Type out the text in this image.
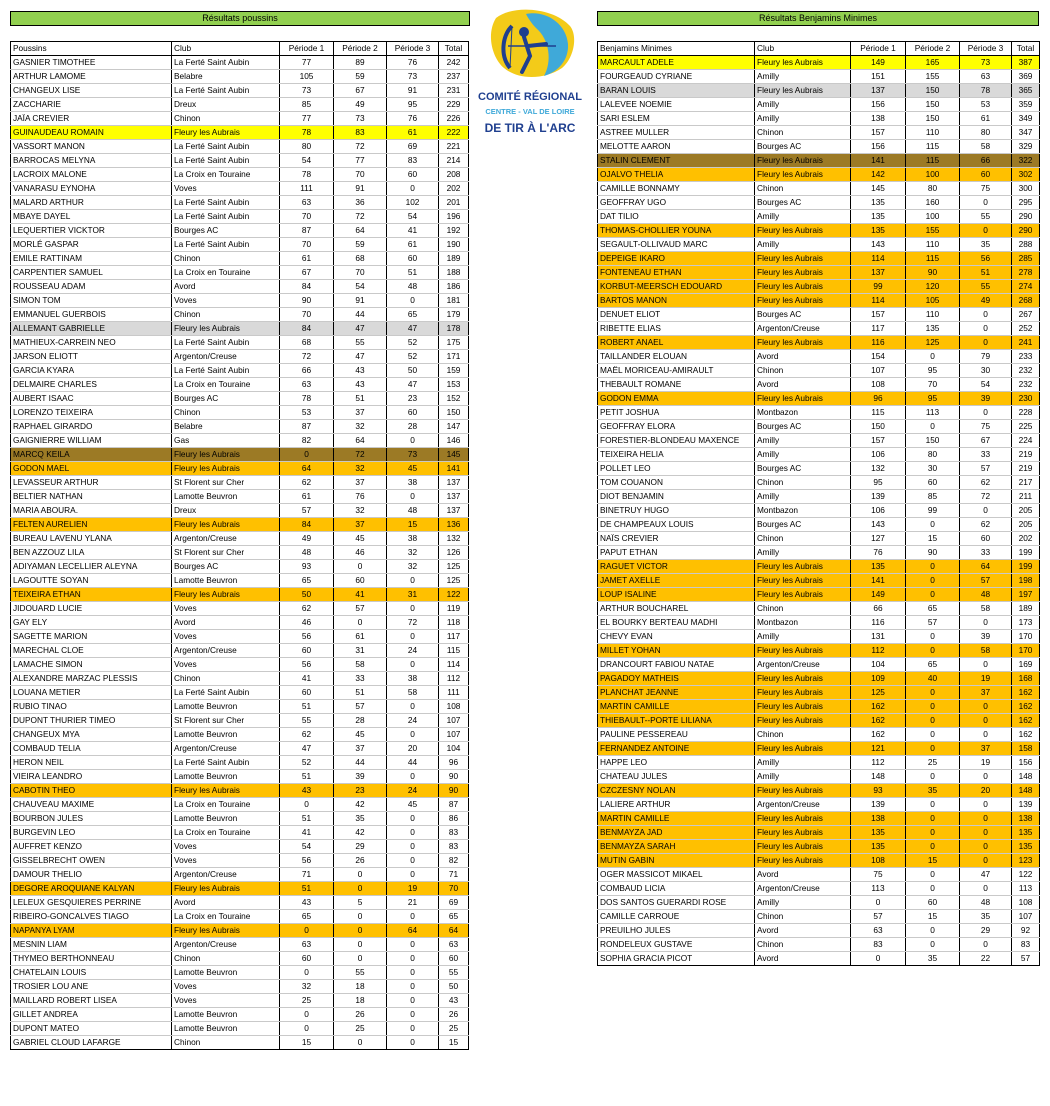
Résultats poussins	Résultats Benjamins Minimes
COMITÉ RÉGIONAL
CENTRE - VAL DE LOIRE
DE TIR À L'ARC
Poussins	Club	Période 1	Période 2	Période 3	Total
GASNIER TIMOTHEE	La Ferté Saint Aubin	77	89	76	242
ARTHUR LAMOME	Belabre	105	59	73	237
CHANGEUX LISE	La Ferté Saint Aubin	73	67	91	231
ZACCHARIE	Dreux	85	49	95	229
JAÏA CREVIER	Chinon	77	73	76	226
GUINAUDEAU ROMAIN	Fleury les Aubrais	78	83	61	222
VASSORT MANON	La Ferté Saint Aubin	80	72	69	221
BARROCAS MELYNA	La Ferté Saint Aubin	54	77	83	214
LACROIX MALONE	La Croix en Touraine	78	70	60	208
VANARASU EYNOHA	Voves	111	91	0	202
MALARD ARTHUR	La Ferté Saint Aubin	63	36	102	201
MBAYE DAYEL	La Ferté Saint Aubin	70	72	54	196
LEQUERTIER VICKTOR	Bourges AC	87	64	41	192
MORLÉ GASPAR	La Ferté Saint Aubin	70	59	61	190
EMILE RATTINAM	Chinon	61	68	60	189
CARPENTIER SAMUEL	La Croix en Touraine	67	70	51	188
ROUSSEAU ADAM	Avord	84	54	48	186
SIMON TOM	Voves	90	91	0	181
EMMANUEL GUERBOIS	Chinon	70	44	65	179
ALLEMANT GABRIELLE	Fleury les Aubrais	84	47	47	178
MATHIEUX-CARREIN NEO	La Ferté Saint Aubin	68	55	52	175
JARSON ELIOTT	Argenton/Creuse	72	47	52	171
GARCIA KYARA	La Ferté Saint Aubin	66	43	50	159
DELMAIRE CHARLES	La Croix en Touraine	63	43	47	153
AUBERT ISAAC	Bourges AC	78	51	23	152
LORENZO TEIXEIRA	Chinon	53	37	60	150
RAPHAEL GIRARDO	Belabre	87	32	28	147
GAIGNIERRE WILLIAM	Gas	82	64	0	146
MARCQ KEILA	Fleury les Aubrais	0	72	73	145
GODON MAEL	Fleury les Aubrais	64	32	45	141
LEVASSEUR ARTHUR	St Florent sur Cher	62	37	38	137
BELTIER NATHAN	Lamotte Beuvron	61	76	0	137
MARIA ABOURA.	Dreux	57	32	48	137
FELTEN AURELIEN	Fleury les Aubrais	84	37	15	136
BUREAU LAVENU YLANA	Argenton/Creuse	49	45	38	132
BEN AZZOUZ LILA	St Florent sur Cher	48	46	32	126
ADIYAMAN LECELLIER ALEYNA	Bourges AC	93	0	32	125
LAGOUTTE SOYAN	Lamotte Beuvron	65	60	0	125
TEIXEIRA ETHAN	Fleury les Aubrais	50	41	31	122
JIDOUARD LUCIE	Voves	62	57	0	119
GAY ELY	Avord	46	0	72	118
SAGETTE MARION	Voves	56	61	0	117
MARECHAL CLOE	Argenton/Creuse	60	31	24	115
LAMACHE SIMON	Voves	56	58	0	114
ALEXANDRE MARZAC PLESSIS	Chinon	41	33	38	112
LOUANA METIER	La Ferté Saint Aubin	60	51	58	111
RUBIO TINAO	Lamotte Beuvron	51	57	0	108
DUPONT THURIER TIMEO	St Florent sur Cher	55	28	24	107
CHANGEUX MYA	Lamotte Beuvron	62	45	0	107
COMBAUD TELIA	Argenton/Creuse	47	37	20	104
HERON NEIL	La Ferté Saint Aubin	52	44	44	96
VIEIRA LEANDRO	Lamotte Beuvron	51	39	0	90
CABOTIN THEO	Fleury les Aubrais	43	23	24	90
CHAUVEAU MAXIME	La Croix en Touraine	0	42	45	87
BOURBON JULES	Lamotte Beuvron	51	35	0	86
BURGEVIN LEO	La Croix en Touraine	41	42	0	83
AUFFRET KENZO	Voves	54	29	0	83
GISSELBRECHT OWEN	Voves	56	26	0	82
DAMOUR THELIO	Argenton/Creuse	71	0	0	71
DEGORE AROQUIANE KALYAN	Fleury les Aubrais	51	0	19	70
LELEUX GESQUIERES PERRINE	Avord	43	5	21	69
RIBEIRO-GONCALVES TIAGO	La Croix en Touraine	65	0	0	65
NAPANYA LYAM	Fleury les Aubrais	0	0	64	64
MESNIN LIAM	Argenton/Creuse	63	0	0	63
THYMEO BERTHONNEAU	Chinon	60	0	0	60
CHATELAIN LOUIS	Lamotte Beuvron	0	55	0	55
TROSIER LOU ANE	Voves	32	18	0	50
MAILLARD ROBERT LISEA	Voves	25	18	0	43
GILLET ANDREA	Lamotte Beuvron	0	26	0	26
DUPONT MATEO	Lamotte Beuvron	0	25	0	25
GABRIEL CLOUD LAFARGE	Chinon	15	0	0	15
Benjamins Minimes	Club	Période 1	Période 2	Période 3	Total
MARCAULT ADELE	Fleury les Aubrais	149	165	73	387
FOURGEAUD CYRIANE	Amilly	151	155	63	369
BARAN LOUIS	Fleury les Aubrais	137	150	78	365
LALEVEE NOEMIE	Amilly	156	150	53	359
SARI ESLEM	Amilly	138	150	61	349
ASTREE MULLER	Chinon	157	110	80	347
MELOTTE AARON	Bourges AC	156	115	58	329
STALIN CLEMENT	Fleury les Aubrais	141	115	66	322
OJALVO THELIA	Fleury les Aubrais	142	100	60	302
CAMILLE BONNAMY	Chinon	145	80	75	300
GEOFFRAY UGO	Bourges AC	135	160	0	295
DAT TILIO	Amilly	135	100	55	290
THOMAS-CHOLLIER YOUNA	Fleury les Aubrais	135	155	0	290
SEGAULT-OLLIVAUD MARC	Amilly	143	110	35	288
DEPEIGE IKARO	Fleury les Aubrais	114	115	56	285
FONTENEAU ETHAN	Fleury les Aubrais	137	90	51	278
KORBUT-MEERSCH EDOUARD	Fleury les Aubrais	99	120	55	274
BARTOS MANON	Fleury les Aubrais	114	105	49	268
DENUET ELIOT	Bourges AC	157	110	0	267
RIBETTE ELIAS	Argenton/Creuse	117	135	0	252
ROBERT ANAEL	Fleury les Aubrais	116	125	0	241
TAILLANDER ELOUAN	Avord	154	0	79	233
MAËL MORICEAU-AMIRAULT	Chinon	107	95	30	232
THEBAULT ROMANE	Avord	108	70	54	232
GODON EMMA	Fleury les Aubrais	96	95	39	230
PETIT JOSHUA	Montbazon	115	113	0	228
GEOFFRAY ELORA	Bourges AC	150	0	75	225
FORESTIER-BLONDEAU MAXENCE	Amilly	157	150	67	224
TEIXEIRA HELIA	Amilly	106	80	33	219
POLLET LEO	Bourges AC	132	30	57	219
TOM COUANON	Chinon	95	60	62	217
DIOT BENJAMIN	Amilly	139	85	72	211
BINETRUY HUGO	Montbazon	106	99	0	205
DE CHAMPEAUX LOUIS	Bourges AC	143	0	62	205
NAÏS CREVIER	Chinon	127	15	60	202
PAPUT ETHAN	Amilly	76	90	33	199
RAGUET VICTOR	Fleury les Aubrais	135	0	64	199
JAMET AXELLE	Fleury les Aubrais	141	0	57	198
LOUP ISALINE	Fleury les Aubrais	149	0	48	197
ARTHUR BOUCHAREL	Chinon	66	65	58	189
EL BOURKY BERTEAU MADHI	Montbazon	116	57	0	173
CHEVY EVAN	Amilly	131	0	39	170
MILLET YOHAN	Fleury les Aubrais	112	0	58	170
DRANCOURT FABIOU NATAE	Argenton/Creuse	104	65	0	169
PAGADOY MATHEIS	Fleury les Aubrais	109	40	19	168
PLANCHAT JEANNE	Fleury les Aubrais	125	0	37	162
MARTIN CAMILLE	Fleury les Aubrais	162	0	0	162
THIEBAULT--PORTE LILIANA	Fleury les Aubrais	162	0	0	162
PAULINE PESSEREAU	Chinon	162	0	0	162
FERNANDEZ ANTOINE	Fleury les Aubrais	121	0	37	158
HAPPE LEO	Amilly	112	25	19	156
CHATEAU JULES	Amilly	148	0	0	148
CZCZESNY NOLAN	Fleury les Aubrais	93	35	20	148
LALIERE ARTHUR	Argenton/Creuse	139	0	0	139
MARTIN CAMILLE	Fleury les Aubrais	138	0	0	138
BENMAYZA JAD	Fleury les Aubrais	135	0	0	135
BENMAYZA SARAH	Fleury les Aubrais	135	0	0	135
MUTIN GABIN	Fleury les Aubrais	108	15	0	123
OGER MASSICOT MIKAEL	Avord	75	0	47	122
COMBAUD LICIA	Argenton/Creuse	113	0	0	113
DOS SANTOS GUERARDI ROSE	Amilly	0	60	48	108
CAMILLE CARROUE	Chinon	57	15	35	107
PREUILHO JULES	Avord	63	0	29	92
RONDELEUX GUSTAVE	Chinon	83	0	0	83
SOPHIA GRACIA PICOT	Avord	0	35	22	57
